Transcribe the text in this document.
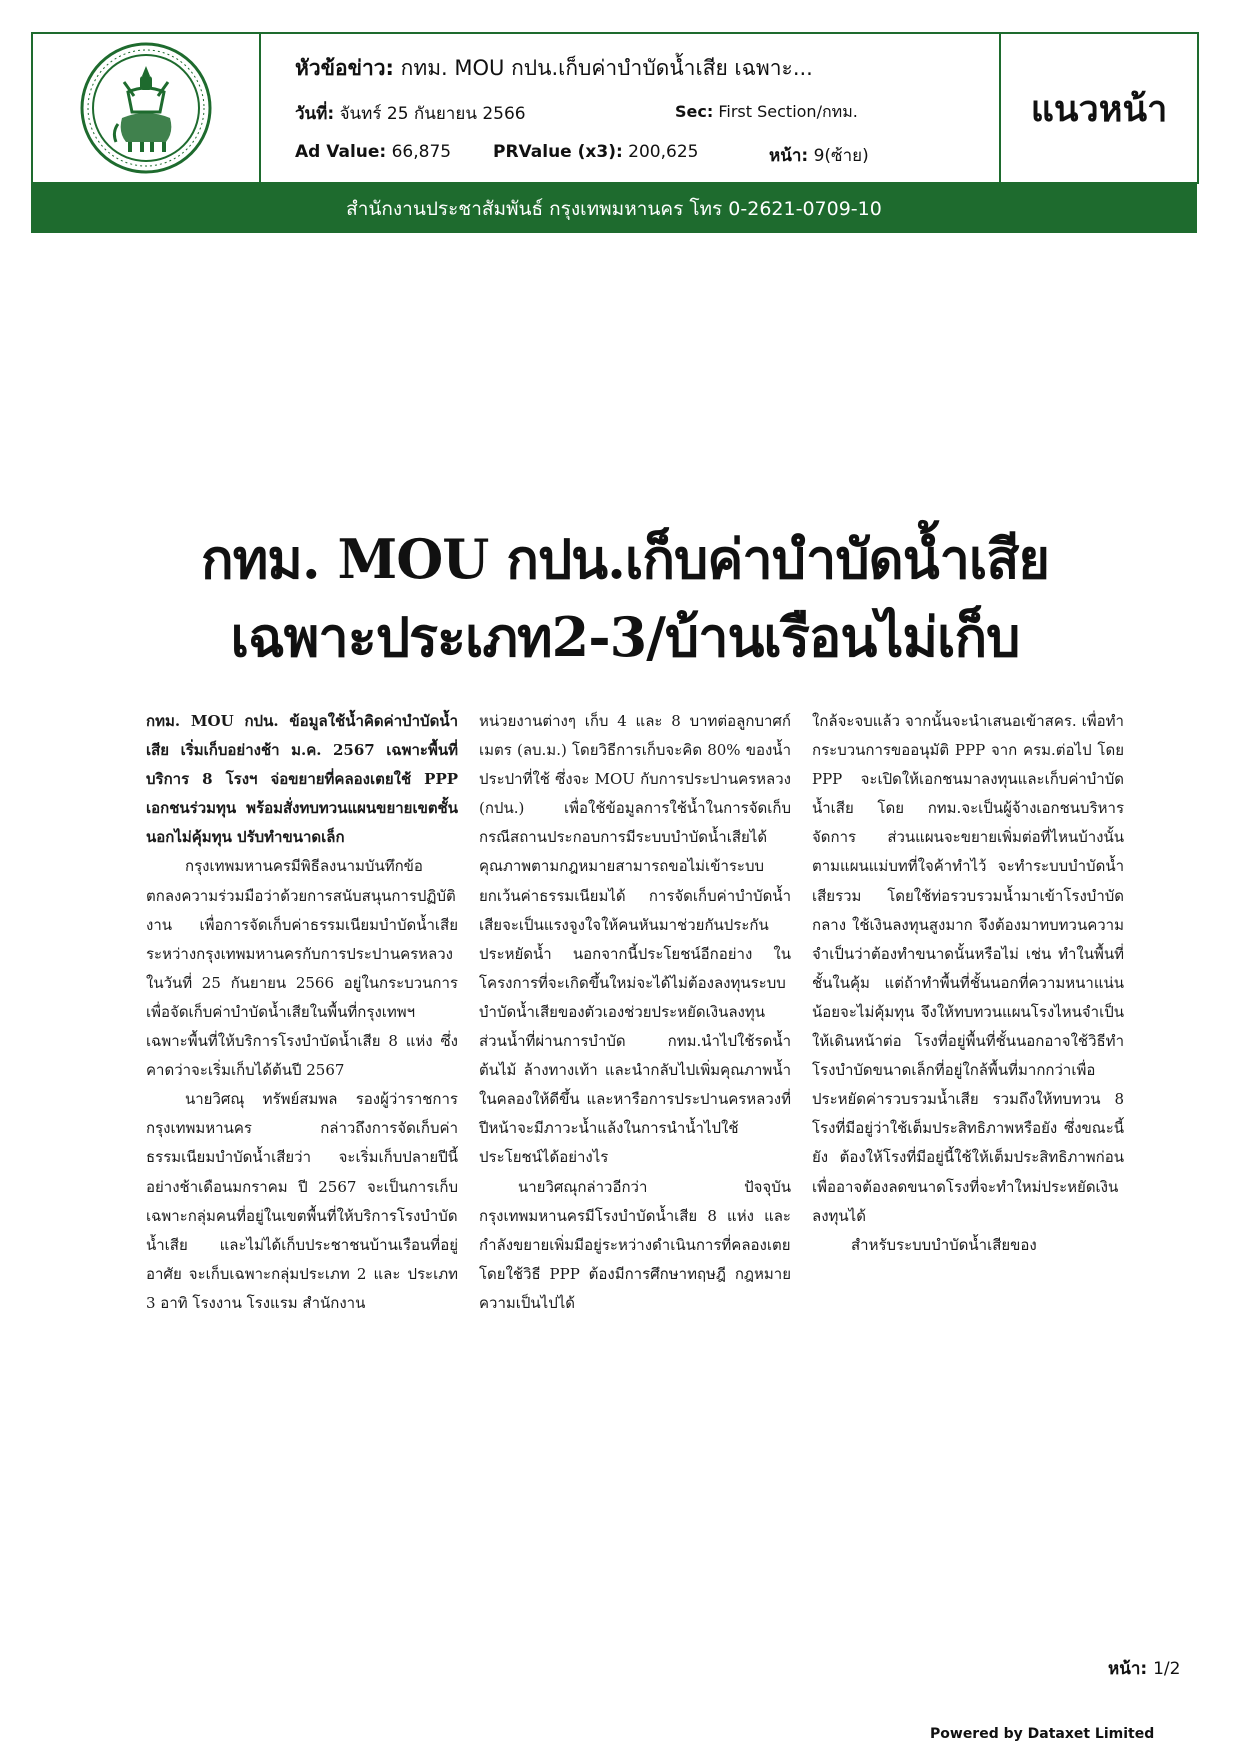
หัวข้อข่าว: กทม. MOU กปน.เก็บค่าบำบัดน้ำเสีย เฉพาะ...
วันที่: จันทร์ 25 กันยายน 2566	Sec: First Section/กทม.
Ad Value: 66,875 PRValue (x3): 200,625	หน้า: 9(ซ้าย)
แนวหน้า
สำนักงานประชาสัมพันธ์ กรุงเทพมหานคร โทร 0-2621-0709-10
กทม. MOU กปน.เก็บค่าบำบัดน้ำเสีย
เฉพาะประเภท2-3/บ้านเรือนไม่เก็บ

กทม. MOU กปน. ข้อมูลใช้น้ำคิดค่าบำบัดน้ำเสีย เริ่มเก็บอย่างช้า ม.ค. 2567 เฉพาะพื้นที่บริการ 8 โรงฯ จ่อขยายที่คลองเตยใช้ PPP เอกชนร่วมทุน พร้อมสั่งทบทวนแผนขยายเขตชั้นนอกไม่คุ้มทุน ปรับทำขนาดเล็ก

กรุงเทพมหานครมีพิธีลงนามบันทึกข้อตกลงความร่วมมือว่าด้วยการสนับสนุนการปฏิบัติงาน เพื่อการจัดเก็บค่าธรรมเนียมบำบัดน้ำเสียระหว่างกรุงเทพมหานครกับการประปานครหลวง ในวันที่ 25 กันยายน 2566 อยู่ในกระบวนการเพื่อจัดเก็บค่าบำบัดน้ำเสียในพื้นที่กรุงเทพฯ เฉพาะพื้นที่ให้บริการโรงบำบัดน้ำเสีย 8 แห่ง ซึ่งคาดว่าจะเริ่มเก็บได้ต้นปี 2567

นายวิศณุ ทรัพย์สมพล รองผู้ว่าราชการกรุงเทพมหานคร กล่าวถึงการจัดเก็บค่าธรรมเนียมบำบัดน้ำเสียว่า จะเริ่มเก็บปลายปีนี้ อย่างช้าเดือนมกราคม ปี 2567 จะเป็นการเก็บเฉพาะกลุ่มคนที่อยู่ในเขตพื้นที่ให้บริการโรงบำบัดน้ำเสีย และไม่ได้เก็บประชาชนบ้านเรือนที่อยู่อาศัย จะเก็บเฉพาะกลุ่มประเภท 2 และ ประเภท 3 อาทิ โรงงาน โรงแรม สำนักงาน

หน่วยงานต่างๆ เก็บ 4 และ 8 บาทต่อลูกบาศก์เมตร (ลบ.ม.) โดยวิธีการเก็บจะคิด 80% ของน้ำประปาที่ใช้ ซึ่งจะ MOU กับการประปานครหลวง (กปน.) เพื่อใช้ข้อมูลการใช้น้ำในการจัดเก็บ กรณีสถานประกอบการมีระบบบำบัดน้ำเสียได้คุณภาพตามกฎหมายสามารถขอไม่เข้าระบบ ยกเว้นค่าธรรมเนียมได้ การจัดเก็บค่าบำบัดน้ำเสียจะเป็นแรงจูงใจให้คนหันมาช่วยกันประกันประหยัดน้ำ นอกจากนี้ประโยชน์อีกอย่าง ในโครงการที่จะเกิดขึ้นใหม่จะได้ไม่ต้องลงทุนระบบบำบัดน้ำเสียของตัวเองช่วยประหยัดเงินลงทุน ส่วนน้ำที่ผ่านการบำบัด กทม.นำไปใช้รดน้ำต้นไม้ ล้างทางเท้า และนำกลับไปเพิ่มคุณภาพน้ำในคลองให้ดีขึ้น และหารือการประปานครหลวงที่ปีหน้าจะมีภาวะน้ำแล้งในการนำน้ำไปใช้ประโยชน์ได้อย่างไร

นายวิศณุกล่าวอีกว่า ปัจจุบันกรุงเทพมหานครมีโรงบำบัดน้ำเสีย 8 แห่ง และกำลังขยายเพิ่มมีอยู่ระหว่างดำเนินการที่คลองเตย โดยใช้วิธี PPP ต้องมีการศึกษาทฤษฎี กฎหมาย ความเป็นไปได้

ใกล้จะจบแล้ว จากนั้นจะนำเสนอเข้าสคร. เพื่อทำกระบวนการขออนุมัติ PPP จาก ครม.ต่อไป โดย PPP จะเปิดให้เอกชนมาลงทุนและเก็บค่าบำบัดน้ำเสีย โดย กทม.จะเป็นผู้จ้างเอกชนบริหารจัดการ ส่วนแผนจะขยายเพิ่มต่อที่ไหนบ้างนั้น ตามแผนแม่บทที่ใจค้าทำไว้ จะทำระบบบำบัดน้ำเสียรวม โดยใช้ท่อรวบรวมน้ำมาเข้าโรงบำบัดกลาง ใช้เงินลงทุนสูงมาก จึงต้องมาทบทวนความจำเป็นว่าต้องทำขนาดนั้นหรือไม่ เช่น ทำในพื้นที่ชั้นในคุ้ม แต่ถ้าทำพื้นที่ชั้นนอกที่ความหนาแน่นน้อยจะไม่คุ้มทุน จึงให้ทบทวนแผนโรงไหนจำเป็นให้เดินหน้าต่อ โรงที่อยู่พื้นที่ชั้นนอกอาจใช้วิธีทำโรงบำบัดขนาดเล็กที่อยู่ใกล้พื้นที่มากกว่าเพื่อประหยัดค่ารวบรวมน้ำเสีย รวมถึงให้ทบทวน 8 โรงที่มีอยู่ว่าใช้เต็มประสิทธิภาพหรือยัง ซึ่งขณะนี้ยัง ต้องให้โรงที่มีอยู่นี้ใช้ให้เต็มประสิทธิภาพก่อน เพื่ออาจต้องลดขนาดโรงที่จะทำใหม่ประหยัดเงินลงทุนได้

สำหรับระบบบำบัดน้ำเสียของ

หน้า: 1/2
Powered by Dataxet Limited
